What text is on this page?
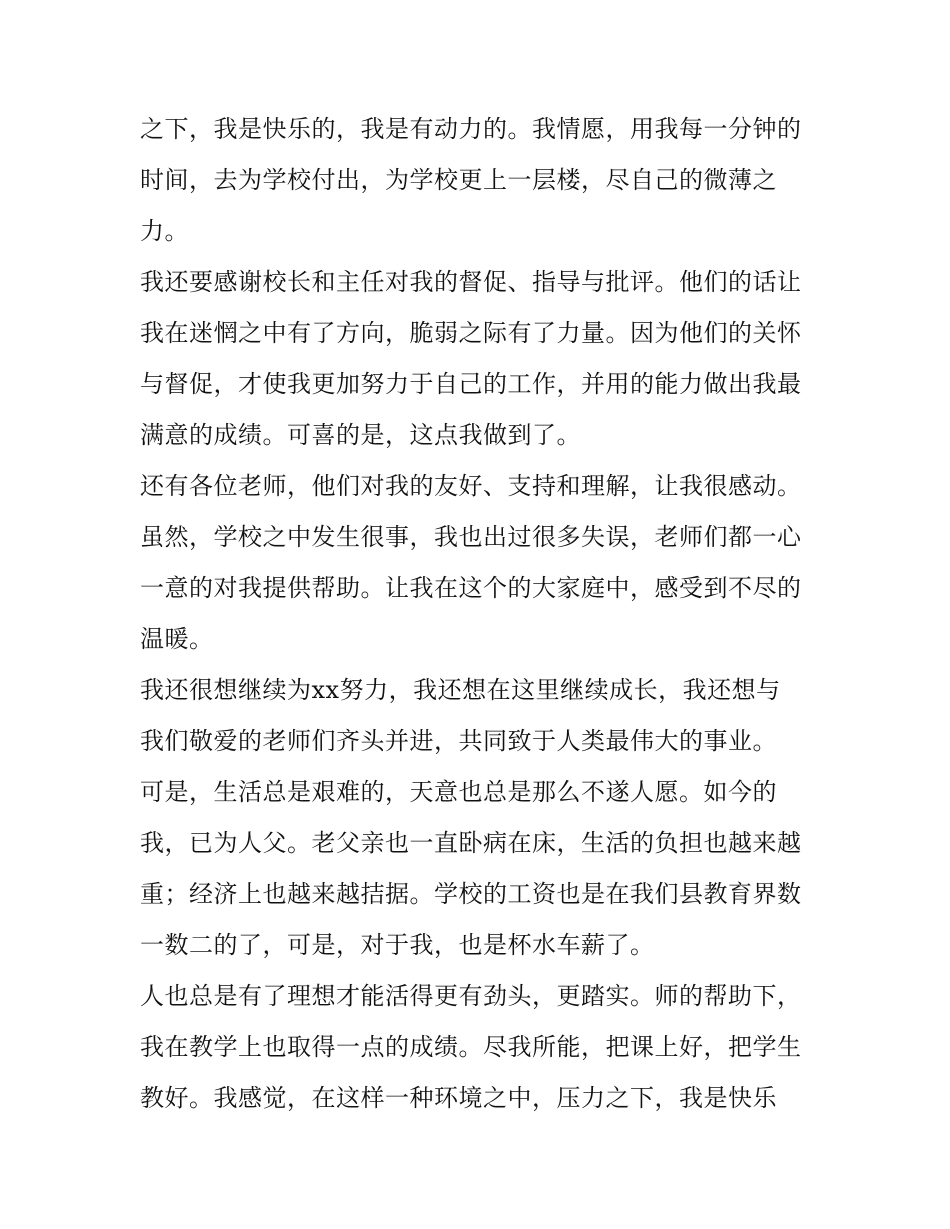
之下，我是快乐的，我是有动力的。我情愿，用我每一分钟的
时间，去为学校付出，为学校更上一层楼，尽自己的微薄之
力。
我还要感谢校长和主任对我的督促、指导与批评。他们的话让
我在迷惘之中有了方向，脆弱之际有了力量。因为他们的关怀
与督促，才使我更加努力于自己的工作，并用的能力做出我最
满意的成绩。可喜的是，这点我做到了。
还有各位老师，他们对我的友好、支持和理解，让我很感动。
虽然，学校之中发生很事，我也出过很多失误，老师们都一心
一意的对我提供帮助。让我在这个的大家庭中，感受到不尽的
温暖。
我还很想继续为xx努力，我还想在这里继续成长，我还想与
我们敬爱的老师们齐头并进，共同致于人类最伟大的事业。
可是，生活总是艰难的，天意也总是那么不遂人愿。如今的
我，已为人父。老父亲也一直卧病在床，生活的负担也越来越
重；经济上也越来越拮据。学校的工资也是在我们县教育界数
一数二的了，可是，对于我，也是杯水车薪了。
人也总是有了理想才能活得更有劲头，更踏实。师的帮助下，
我在教学上也取得一点的成绩。尽我所能，把课上好，把学生
教好。我感觉，在这样一种环境之中，压力之下，我是快乐
